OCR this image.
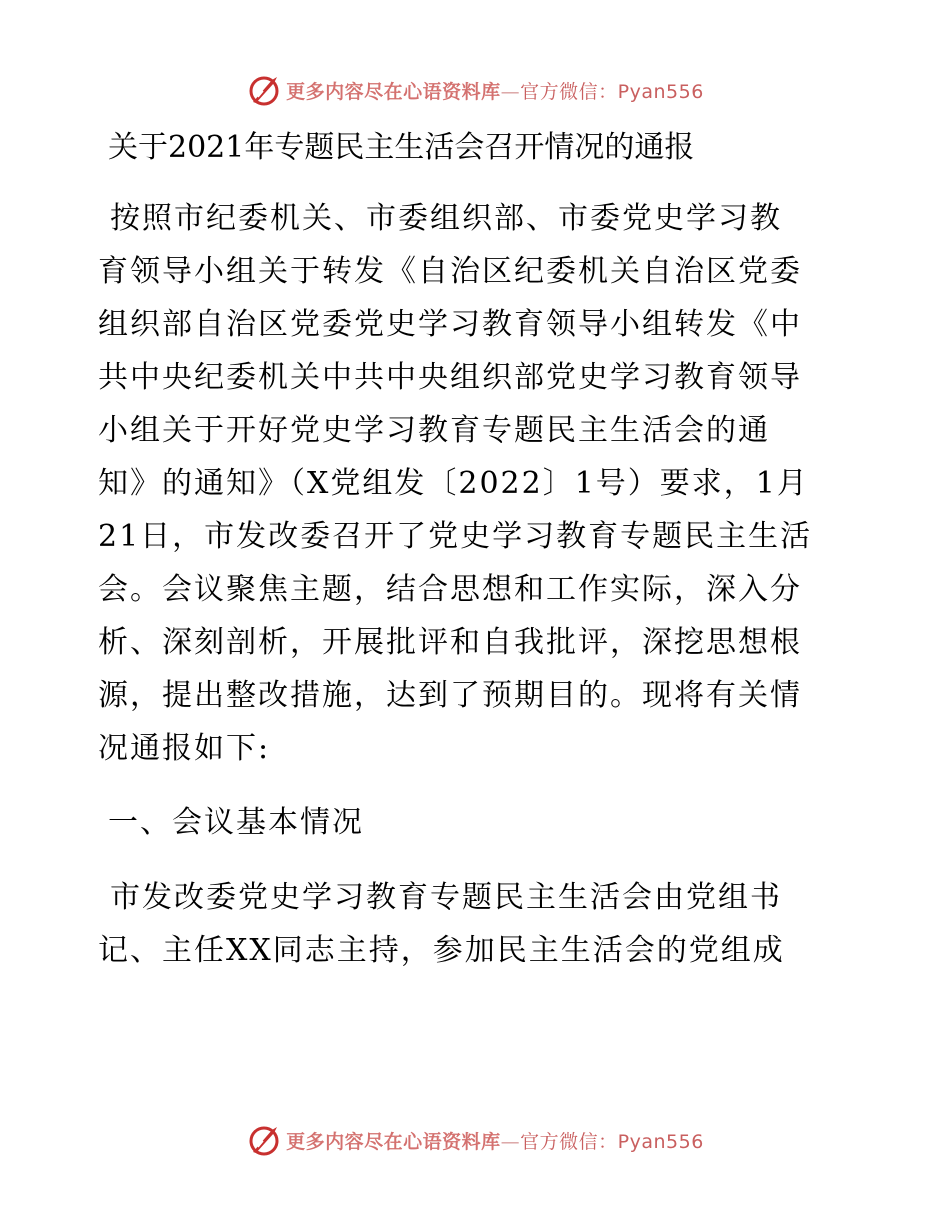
更多内容尽在心语资料库—官方微信：Pyan556
关于2021年专题民主生活会召开情况的通报

按照市纪委机关、市委组织部、市委党史学习教
育领导小组关于转发《自治区纪委机关自治区党委
组织部自治区党委党史学习教育领导小组转发《中
共中央纪委机关中共中央组织部党史学习教育领导
小组关于开好党史学习教育专题民主生活会的通
知》的通知》（X党组发〔2022〕1号）要求，1月
21日，市发改委召开了党史学习教育专题民主生活
会。会议聚焦主题，结合思想和工作实际，深入分
析、深刻剖析，开展批评和自我批评，深挖思想根
源，提出整改措施，达到了预期目的。现将有关情
况通报如下:

一、会议基本情况

市发改委党史学习教育专题民主生活会由党组书
记、主任XX同志主持，参加民主生活会的党组成

更多内容尽在心语资料库—官方微信：Pyan556
